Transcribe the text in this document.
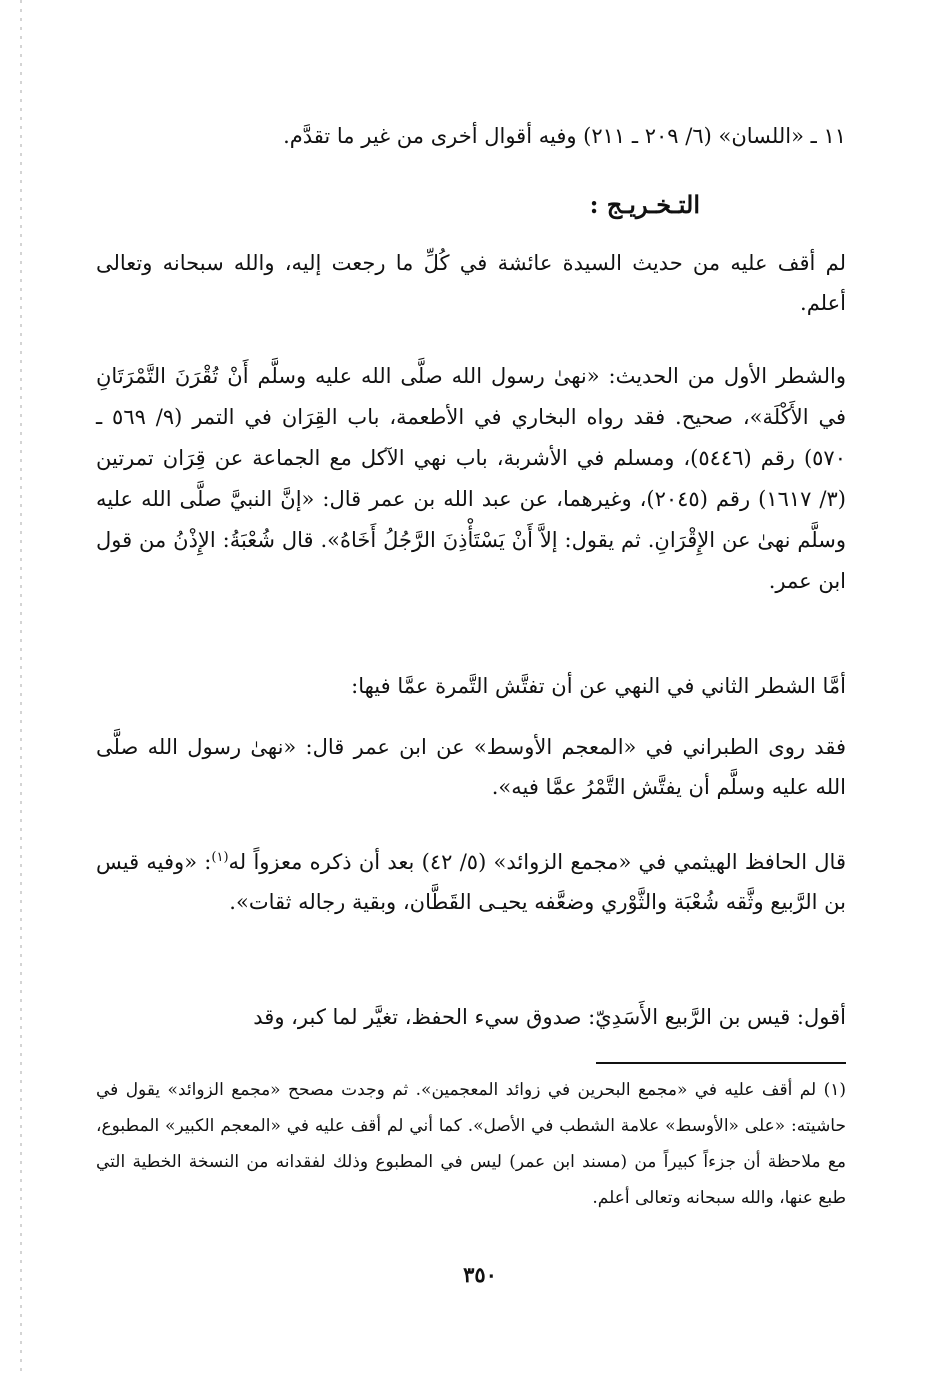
١١ ـ «اللسان» (٦/ ٢٠٩ ـ ٢١١) وفيه أقوال أخرى من غير ما تقدَّم.

التـخـريـج :

لم أقف عليه من حديث السيدة عائشة في كُلِّ ما رجعت إليه، والله سبحانه وتعالى أعلم.

والشطر الأول من الحديث: «نهىٰ رسول الله صلَّى الله عليه وسلَّم أَنْ تُقْرَنَ التَّمْرَتَانِ في الأَكْلَة»، صحيح. فقد رواه البخاري في الأطعمة، باب القِرَان في التمر (٩/ ٥٦٩ ـ ٥٧٠) رقم (٥٤٤٦)، ومسلم في الأشربة، باب نهي الآكل مع الجماعة عن قِرَان تمرتين (٣/ ١٦١٧) رقم (٢٠٤٥)، وغيرهما، عن عبد الله بن عمر قال: «إنَّ النبيَّ صلَّى الله عليه وسلَّم نهىٰ عن الإِقْرَانِ. ثم يقول: إلاَّ أَنْ يَسْتَأْذِنَ الرَّجُلُ أَخَاهُ». قال شُعْبَةُ: الإِذْنُ من قول ابن عمر.

أمَّا الشطر الثاني في النهي عن أن تفتَّش التَّمرة عمَّا فيها:

فقد روى الطبراني في «المعجم الأوسط» عن ابن عمر قال: «نهىٰ رسول الله صلَّى الله عليه وسلَّم أن يفتَّش التَّمْرُ عمَّا فيه».

قال الحافظ الهيثمي في «مجمع الزوائد» (٥/ ٤٢) بعد أن ذكره معزواً له$^{(١)}$: «وفيه قيس بن الرَّبيع وثَّقه شُعْبَة والثَّوْري وضعَّفه يحيـى القَطَّان، وبقية رجاله ثقات».

أقول: قيس بن الرَّبيع الأَسَدِيّ: صدوق سيء الحفظ، تغيَّر لما كبر، وقد

(١) لم أقف عليه في «مجمع البحرين في زوائد المعجمين». ثم وجدت مصحح «مجمع الزوائد» يقول في حاشيته: «على «الأوسط» علامة الشطب في الأصل». كما أني لم أقف عليه في «المعجم الكبير» المطبوع، مع ملاحظة أن جزءاً كبيراً من (مسند ابن عمر) ليس في المطبوع وذلك لفقدانه من النسخة الخطية التي طبع عنها، والله سبحانه وتعالى أعلم.

٣٥٠
